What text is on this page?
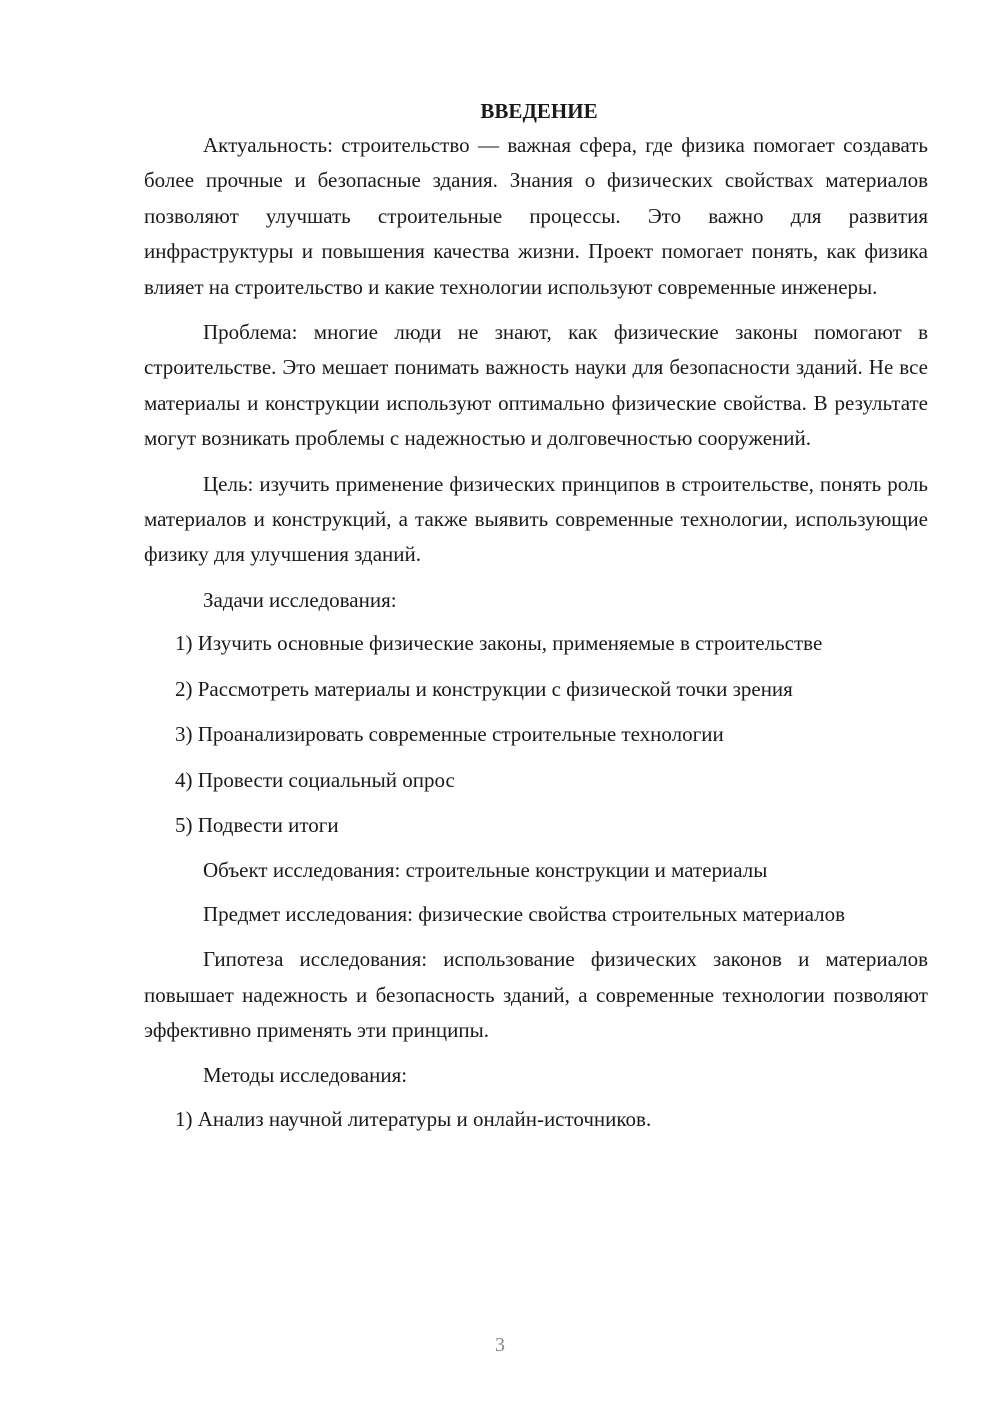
ВВЕДЕНИЕ

Актуальность: строительство — важная сфера, где физика помогает создавать более прочные и безопасные здания. Знания о физических свойствах материалов позволяют улучшать строительные процессы. Это важно для развития инфраструктуры и повышения качества жизни. Проект помогает понять, как физика влияет на строительство и какие технологии используют современные инженеры.

Проблема: многие люди не знают, как физические законы помогают в строительстве. Это мешает понимать важность науки для безопасности зданий. Не все материалы и конструкции используют оптимально физические свойства. В результате могут возникать проблемы с надежностью и долговечностью сооружений.

Цель: изучить применение физических принципов в строительстве, понять роль материалов и конструкций, а также выявить современные технологии, использующие физику для улучшения зданий.

Задачи исследования:

1) Изучить основные физические законы, применяемые в строительстве

2) Рассмотреть материалы и конструкции с физической точки зрения

3) Проанализировать современные строительные технологии

4) Провести социальный опрос

5) Подвести итоги

Объект исследования: строительные конструкции и материалы

Предмет исследования: физические свойства строительных материалов

Гипотеза исследования: использование физических законов и материалов повышает надежность и безопасность зданий, а современные технологии позволяют эффективно применять эти принципы.

Методы исследования:

1) Анализ научной литературы и онлайн-источников.

3
